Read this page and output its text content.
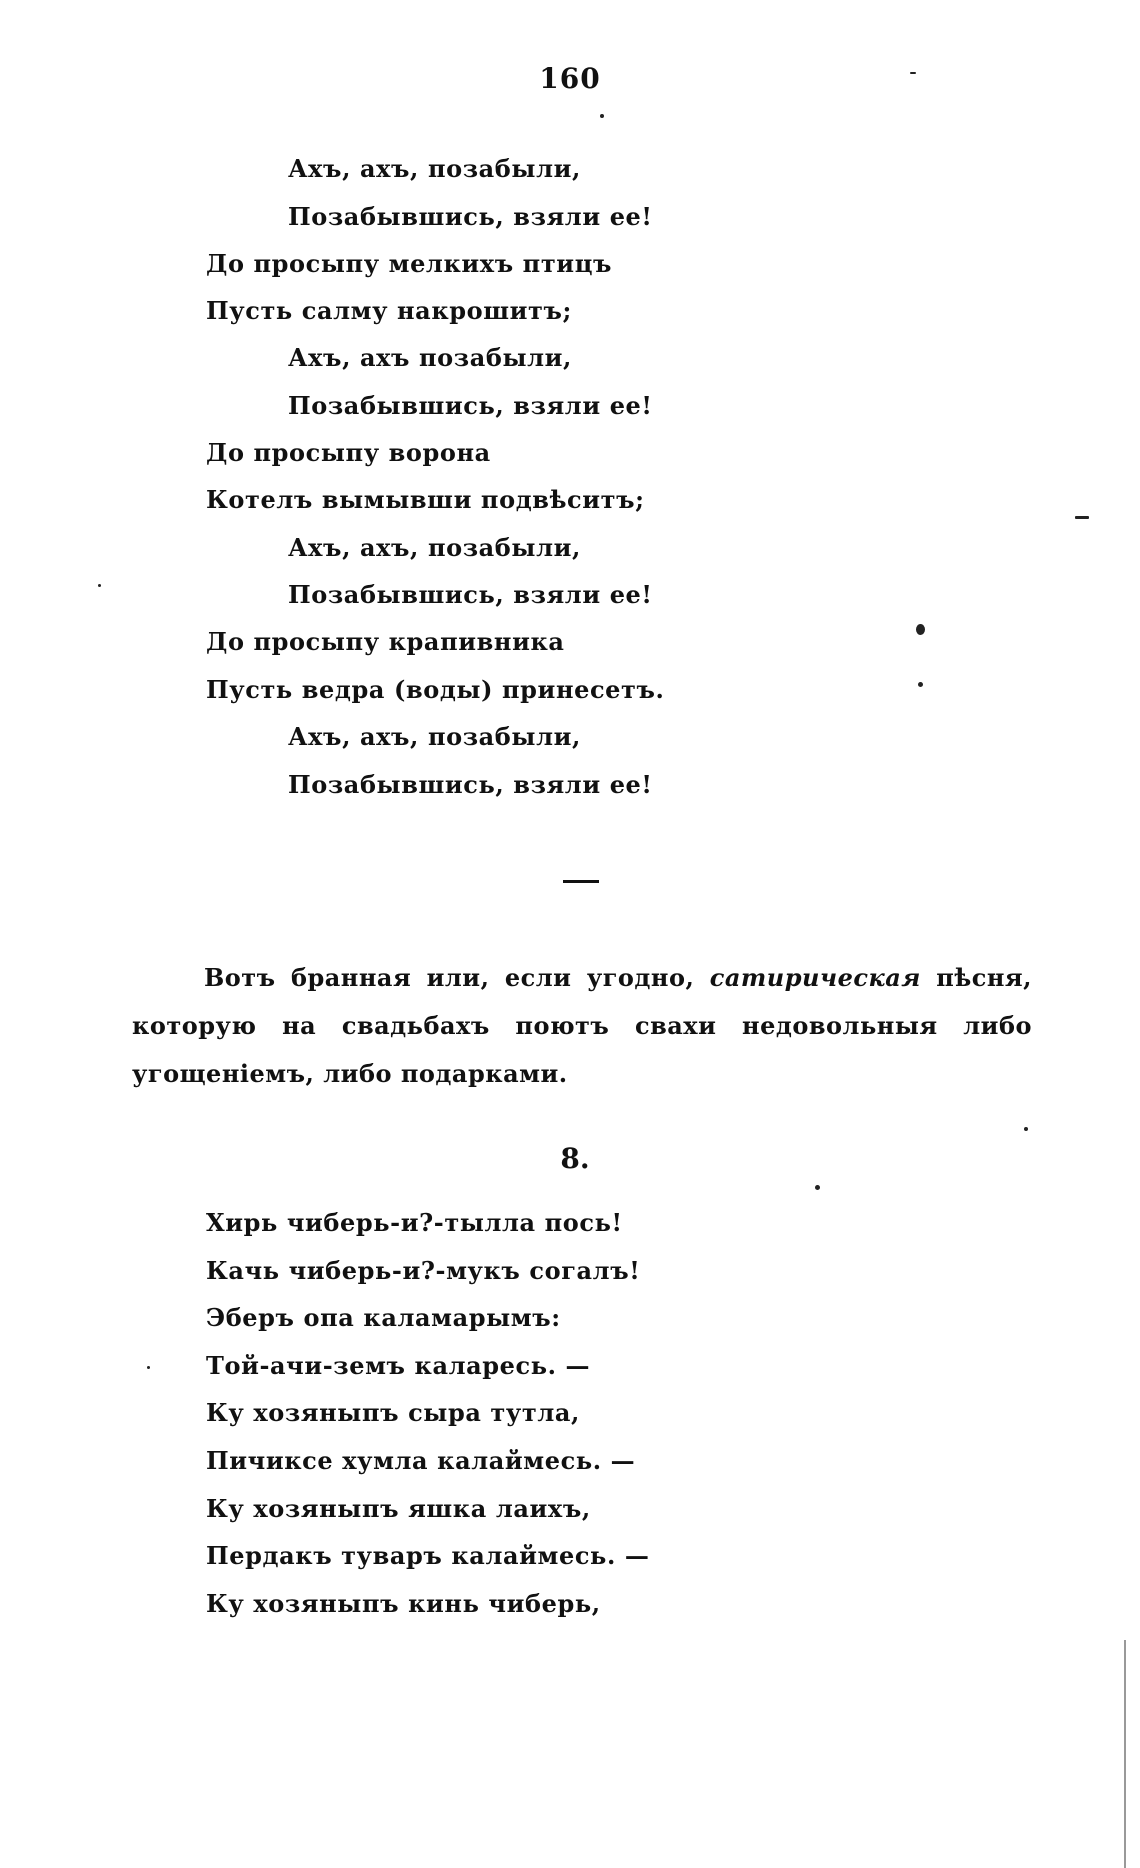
160
Ахъ, ахъ, позабыли,
Позабывшись, взяли ее!
До просыпу мелкихъ птицъ
Пусть салму накрошитъ;
Ахъ, ахъ позабыли,
Позабывшись, взяли ее!
До просыпу ворона
Котелъ вымывши подвѣситъ;
Ахъ, ахъ, позабыли,
Позабывшись, взяли ее!
До просыпу крапивника
Пусть ведра (воды) принесетъ.
Ахъ, ахъ, позабыли,
Позабывшись, взяли ее!
Вотъ бранная или, если угодно, сатирическая пѣсня, которую на свадьбахъ поютъ свахи недовольныя либо угощенiемъ, либо подарками.
8.
Хирь чиберь-и?-тылла пось!
Качь чиберь-и?-мукъ согалъ!
Эберъ опа каламарымъ:
Той-ачи-земъ каларесь. —
Ку хозяныпъ сыра тутла,
Пичиксе хумла калаймесь. —
Ку хозяныпъ яшка лаихъ,
Пердакъ туваръ калаймесь. —
Ку хозяныпъ кинь чиберь,
